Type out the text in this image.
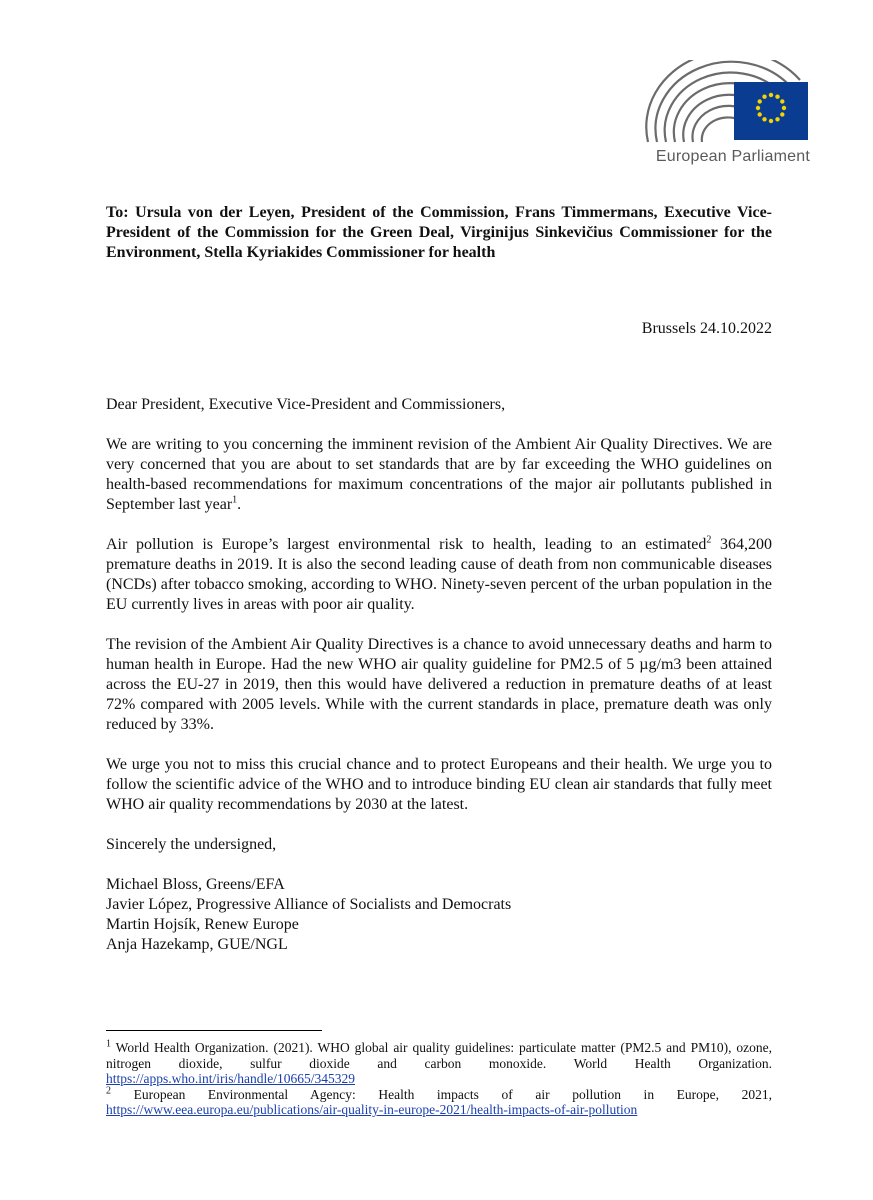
European Parliament
To: Ursula von der Leyen, President of the Commission, Frans Timmermans, Executive Vice-President of the Commission for the Green Deal, Virginijus Sinkevičius Commissioner for the Environment, Stella Kyriakides Commissioner for health
Brussels 24.10.2022

Dear President, Executive Vice-President and Commissioners,

We are writing to you concerning the imminent revision of the Ambient Air Quality Directives. We are very concerned that you are about to set standards that are by far exceeding the WHO guidelines on health-based recommendations for maximum concentrations of the major air pollutants published in September last year$^1$.

Air pollution is Europe’s largest environmental risk to health, leading to an estimated$^2$ 364,200 premature deaths in 2019. It is also the second leading cause of death from non communicable diseases (NCDs) after tobacco smoking, according to WHO. Ninety-seven percent of the urban population in the EU currently lives in areas with poor air quality.

The revision of the Ambient Air Quality Directives is a chance to avoid unnecessary deaths and harm to human health in Europe. Had the new WHO air quality guideline for PM2.5 of 5 µg/m3 been attained across the EU-27 in 2019, then this would have delivered a reduction in premature deaths of at least 72% compared with 2005 levels. While with the current standards in place, premature death was only reduced by 33%.

We urge you not to miss this crucial chance and to protect Europeans and their health. We urge you to follow the scientific advice of the WHO and to introduce binding EU clean air standards that fully meet WHO air quality recommendations by 2030 at the latest.

Sincerely the undersigned,

Michael Bloss, Greens/EFA
Javier López, Progressive Alliance of Socialists and Democrats
Martin Hojsík, Renew Europe
Anja Hazekamp, GUE/NGL

$^1$ World Health Organization. (2021). WHO global air quality guidelines: particulate matter (PM2.5 and PM10), ozone, nitrogen dioxide, sulfur dioxide and carbon monoxide. World Health Organization. https://apps.who.int/iris/handle/10665/345329

$^2$ European Environmental Agency: Health impacts of air pollution in Europe, 2021, https://www.eea.europa.eu/publications/air-quality-in-europe-2021/health-impacts-of-air-pollution
